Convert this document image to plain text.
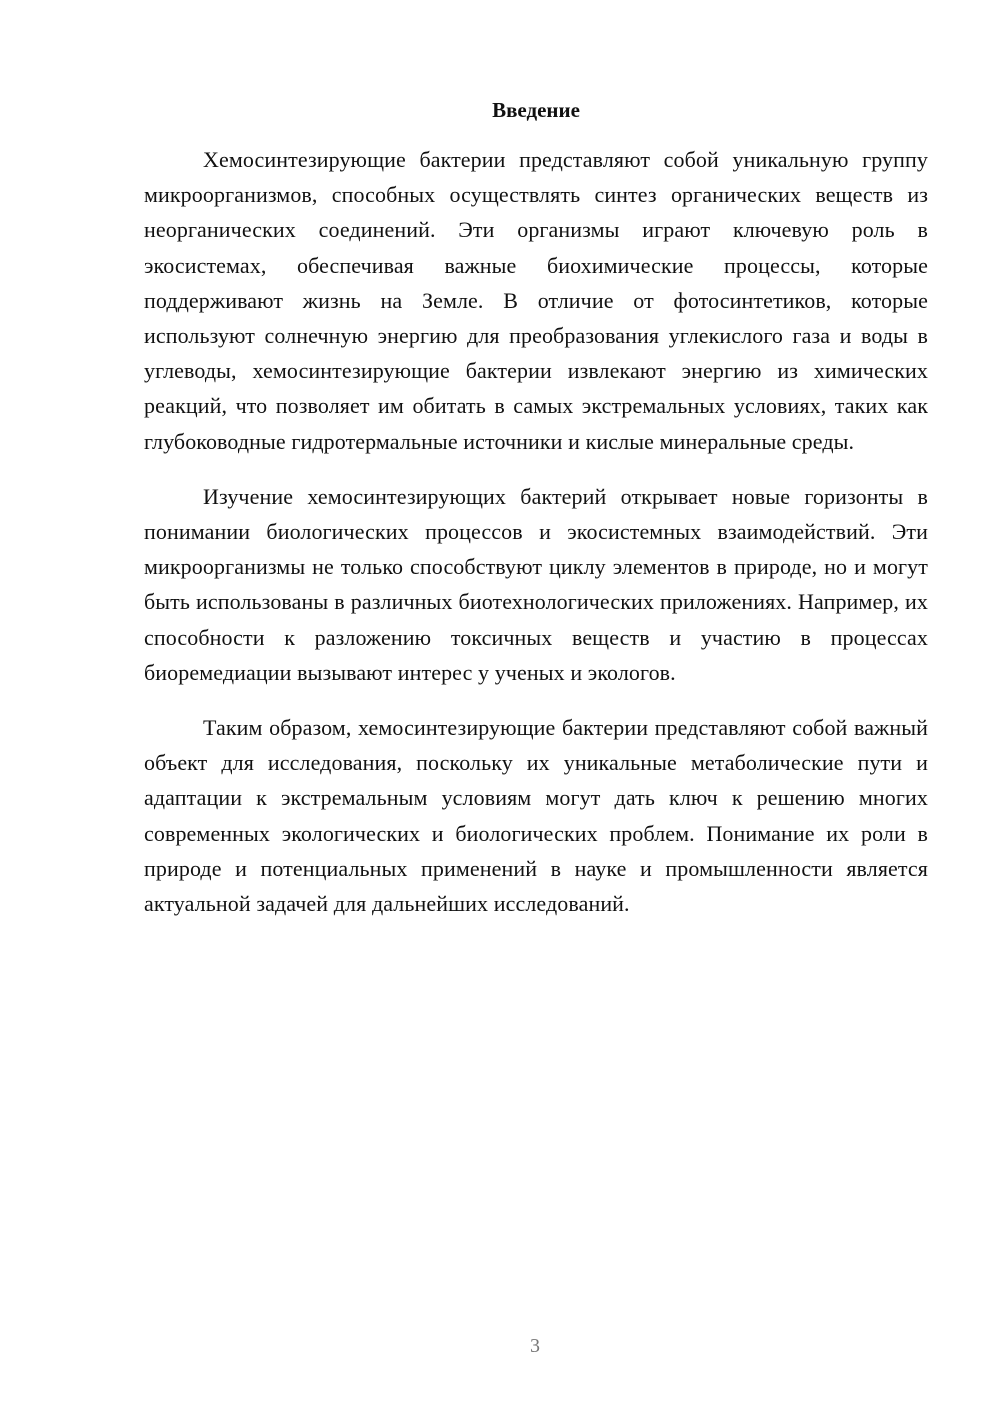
Введение

Хемосинтезирующие бактерии представляют собой уникальную группу микроорганизмов, способных осуществлять синтез органических веществ из неорганических соединений. Эти организмы играют ключевую роль в экосистемах, обеспечивая важные биохимические процессы, которые поддерживают жизнь на Земле. В отличие от фотосинтетиков, которые используют солнечную энергию для преобразования углекислого газа и воды в углеводы, хемосинтезирующие бактерии извлекают энергию из химических реакций, что позволяет им обитать в самых экстремальных условиях, таких как глубоководные гидротермальные источники и кислые минеральные среды.

Изучение хемосинтезирующих бактерий открывает новые горизонты в понимании биологических процессов и экосистемных взаимодействий. Эти микроорганизмы не только способствуют циклу элементов в природе, но и могут быть использованы в различных биотехнологических приложениях. Например, их способности к разложению токсичных веществ и участию в процессах биоремедиации вызывают интерес у ученых и экологов.

Таким образом, хемосинтезирующие бактерии представляют собой важный объект для исследования, поскольку их уникальные метаболические пути и адаптации к экстремальным условиям могут дать ключ к решению многих современных экологических и биологических проблем. Понимание их роли в природе и потенциальных применений в науке и промышленности является актуальной задачей для дальнейших исследований.

3
